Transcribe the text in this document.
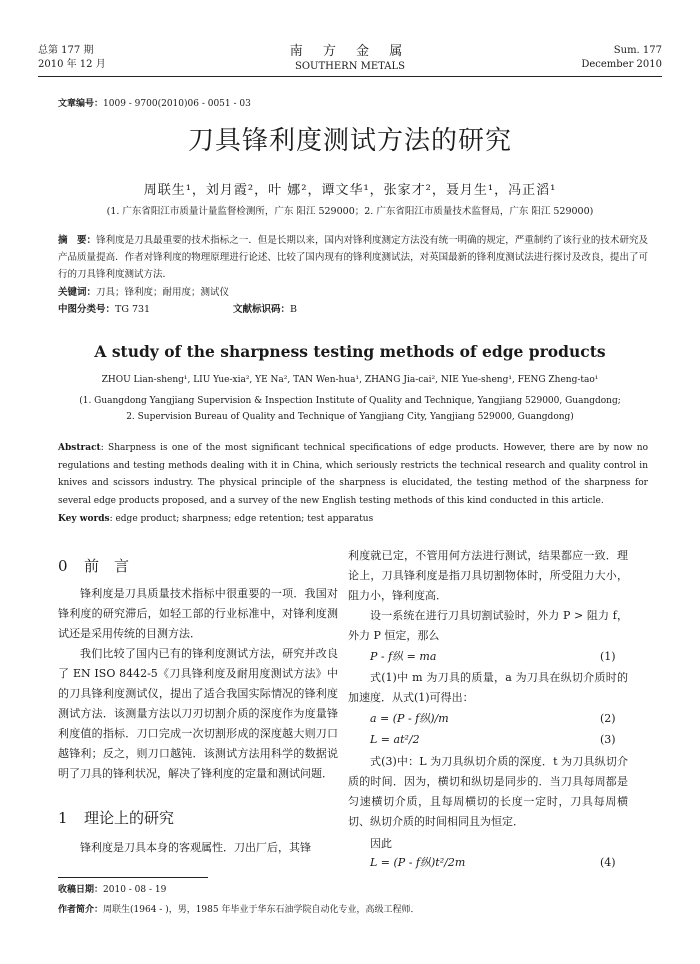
总第 177 期
2010 年 12 月
南 方 金 属
SOUTHERN METALS
Sum. 177
December 2010
文章编号：1009 - 9700(2010)06 - 0051 - 03
刀具锋利度测试方法的研究
周联生¹，刘月霞²，叶 娜²，谭文华¹，张家才²，聂月生¹，冯正滔¹
(1. 广东省阳江市质量计量监督检测所，广东 阳江 529000；2. 广东省阳江市质量技术监督局，广东 阳江 529000)
摘　要：锋利度是刀具最重要的技术指标之一．但是长期以来，国内对锋利度测定方法没有统一明确的规定，严重制约了该行业的技术研究及产品质量提高．作者对锋利度的物理原理进行论述、比较了国内现有的锋利度测试法，对英国最新的锋利度测试法进行探讨及改良，提出了可行的刀具锋利度测试方法．
关键词：刀具；锋利度；耐用度；测试仪
中图分类号：TG 731	文献标识码：B
A study of the sharpness testing methods of edge products
ZHOU Lian-sheng¹, LIU Yue-xia², YE Na², TAN Wen-hua¹, ZHANG Jia-cai², NIE Yue-sheng¹, FENG Zheng-tao¹
(1. Guangdong Yangjiang Supervision & Inspection Institute of Quality and Technique, Yangjiang 529000, Guangdong;
2. Supervision Bureau of Quality and Technique of Yangjiang City, Yangjiang 529000, Guangdong)
Abstract: Sharpness is one of the most significant technical specifications of edge products. However, there are by now no regulations and testing methods dealing with it in China, which seriously restricts the technical research and quality control in knives and scissors industry. The physical principle of the sharpness is elucidated, the testing method of the sharpness for several edge products proposed, and a survey of the new English testing methods of this kind conducted in this article.
Key words: edge product; sharpness; edge retention; test apparatus
0 前　言
锋利度是刀具质量技术指标中很重要的一项．我国对锋利度的研究滞后，如轻工部的行业标准中，对锋利度测试还是采用传统的目测方法．
我们比较了国内已有的锋利度测试方法，研究并改良了 EN ISO 8442-5《刀具锋利度及耐用度测试方法》中的刀具锋利度测试仪，提出了适合我国实际情况的锋利度测试方法．该测量方法以刀刃切割介质的深度作为度量锋利度值的指标．刀口完成一次切割形成的深度越大则刀口越锋利；反之，则刀口越钝．该测试方法用科学的数据说明了刀具的锋利状况，解决了锋利度的定量和测试问题．
1 理论上的研究
锋利度是刀具本身的客观属性．刀出厂后，其锋
利度就已定，不管用何方法进行测试，结果都应一致．理论上，刀具锋利度是指刀具切割物体时，所受阻力大小，阻力小，锋利度高．
设一系统在进行刀具切割试验时，外力 P > 阻力 f，外力 P 恒定，那么
P - f纵 = ma	(1)
式(1)中 m 为刀具的质量，a 为刀具在纵切介质时的加速度．从式(1)可得出：
a = (P - f纵)/m	(2)
L = at²/2	(3)
式(3)中：L 为刀具纵切介质的深度．t 为刀具纵切介质的时间．因为，横切和纵切是同步的．当刀具每周都是匀速横切介质，且每周横切的长度一定时，刀具每周横切、纵切介质的时间相同且为恒定．
因此
L = (P - f纵)t²/2m	(4)
收稿日期：2010 - 08 - 19
作者简介：周联生(1964 - )，男，1985 年毕业于华东石油学院自动化专业，高级工程师．
